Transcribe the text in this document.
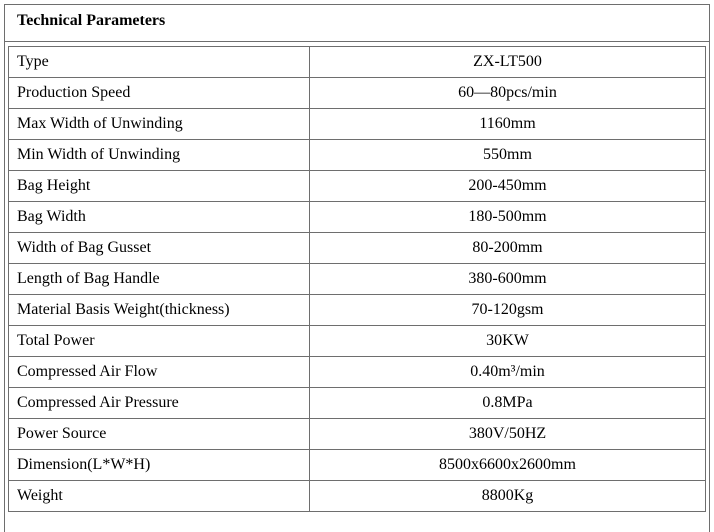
Technical Parameters
Type	ZX-LT500
Production Speed	60—80pcs/min
Max Width of Unwinding	1160mm
Min Width of Unwinding	550mm
Bag Height	200-450mm
Bag Width	180-500mm
Width of Bag Gusset	80-200mm
Length of Bag Handle	380-600mm
Material Basis Weight(thickness)	70-120gsm
Total Power	30KW
Compressed Air Flow	0.40m³/min
Compressed Air Pressure	0.8MPa
Power Source	380V/50HZ
Dimension(L*W*H)	8500x6600x2600mm
Weight	8800Kg
